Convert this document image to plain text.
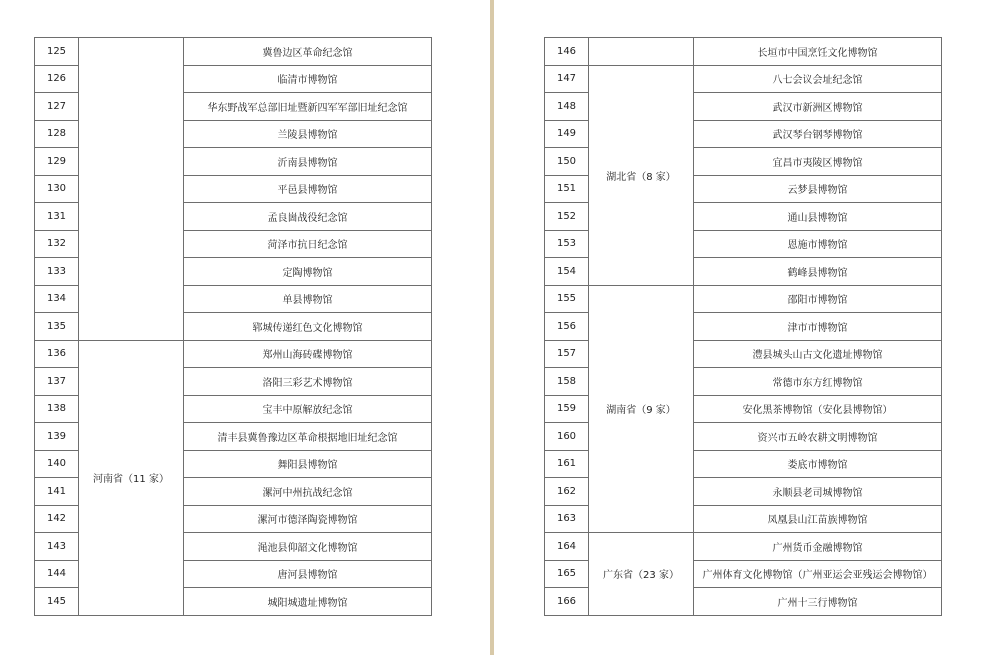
125		冀鲁边区革命纪念馆
126		临清市博物馆
127		华东野战军总部旧址暨新四军军部旧址纪念馆
128		兰陵县博物馆
129		沂南县博物馆
130		平邑县博物馆
131		孟良崮战役纪念馆
132		菏泽市抗日纪念馆
133		定陶博物馆
134		单县博物馆
135		郓城传递红色文化博物馆
136	河南省（11 家）	郑州山海砖碟博物馆
137		洛阳三彩艺术博物馆
138		宝丰中原解放纪念馆
139		清丰县冀鲁豫边区革命根据地旧址纪念馆
140		舞阳县博物馆
141		漯河中州抗战纪念馆
142		漯河市德泽陶瓷博物馆
143		渑池县仰韶文化博物馆
144		唐河县博物馆
145		城阳城遗址博物馆
146		长垣市中国烹饪文化博物馆
147	湖北省（8 家）	八七会议会址纪念馆
148		武汉市新洲区博物馆
149		武汉琴台钢琴博物馆
150		宜昌市夷陵区博物馆
151		云梦县博物馆
152		通山县博物馆
153		恩施市博物馆
154		鹤峰县博物馆
155	湖南省（9 家）	邵阳市博物馆
156		津市市博物馆
157		澧县城头山古文化遗址博物馆
158		常德市东方红博物馆
159		安化黑茶博物馆（安化县博物馆）
160		资兴市五岭农耕文明博物馆
161		娄底市博物馆
162		永顺县老司城博物馆
163		凤凰县山江苗族博物馆
164	广东省（23 家）	广州货币金融博物馆
165		广州体育文化博物馆（广州亚运会亚残运会博物馆）
166		广州十三行博物馆
